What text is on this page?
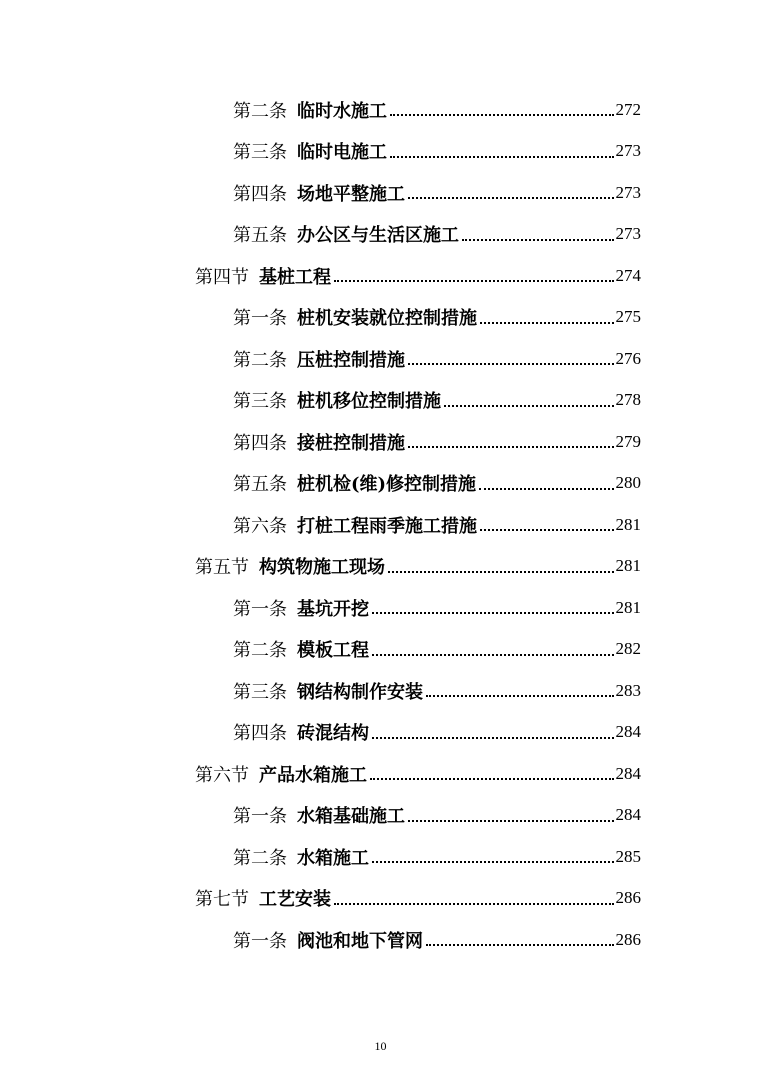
第二条 临时水施工	272
第三条 临时电施工	273
第四条 场地平整施工	273
第五条 办公区与生活区施工	273
第四节 基桩工程	274
第一条 桩机安装就位控制措施	275
第二条 压桩控制措施	276
第三条 桩机移位控制措施	278
第四条 接桩控制措施	279
第五条 桩机检(维)修控制措施	280
第六条 打桩工程雨季施工措施	281
第五节 构筑物施工现场	281
第一条 基坑开挖	281
第二条 模板工程	282
第三条 钢结构制作安装	283
第四条 砖混结构	284
第六节 产品水箱施工	284
第一条 水箱基础施工	284
第二条 水箱施工	285
第七节 工艺安装	286
第一条 阀池和地下管网	286
10
